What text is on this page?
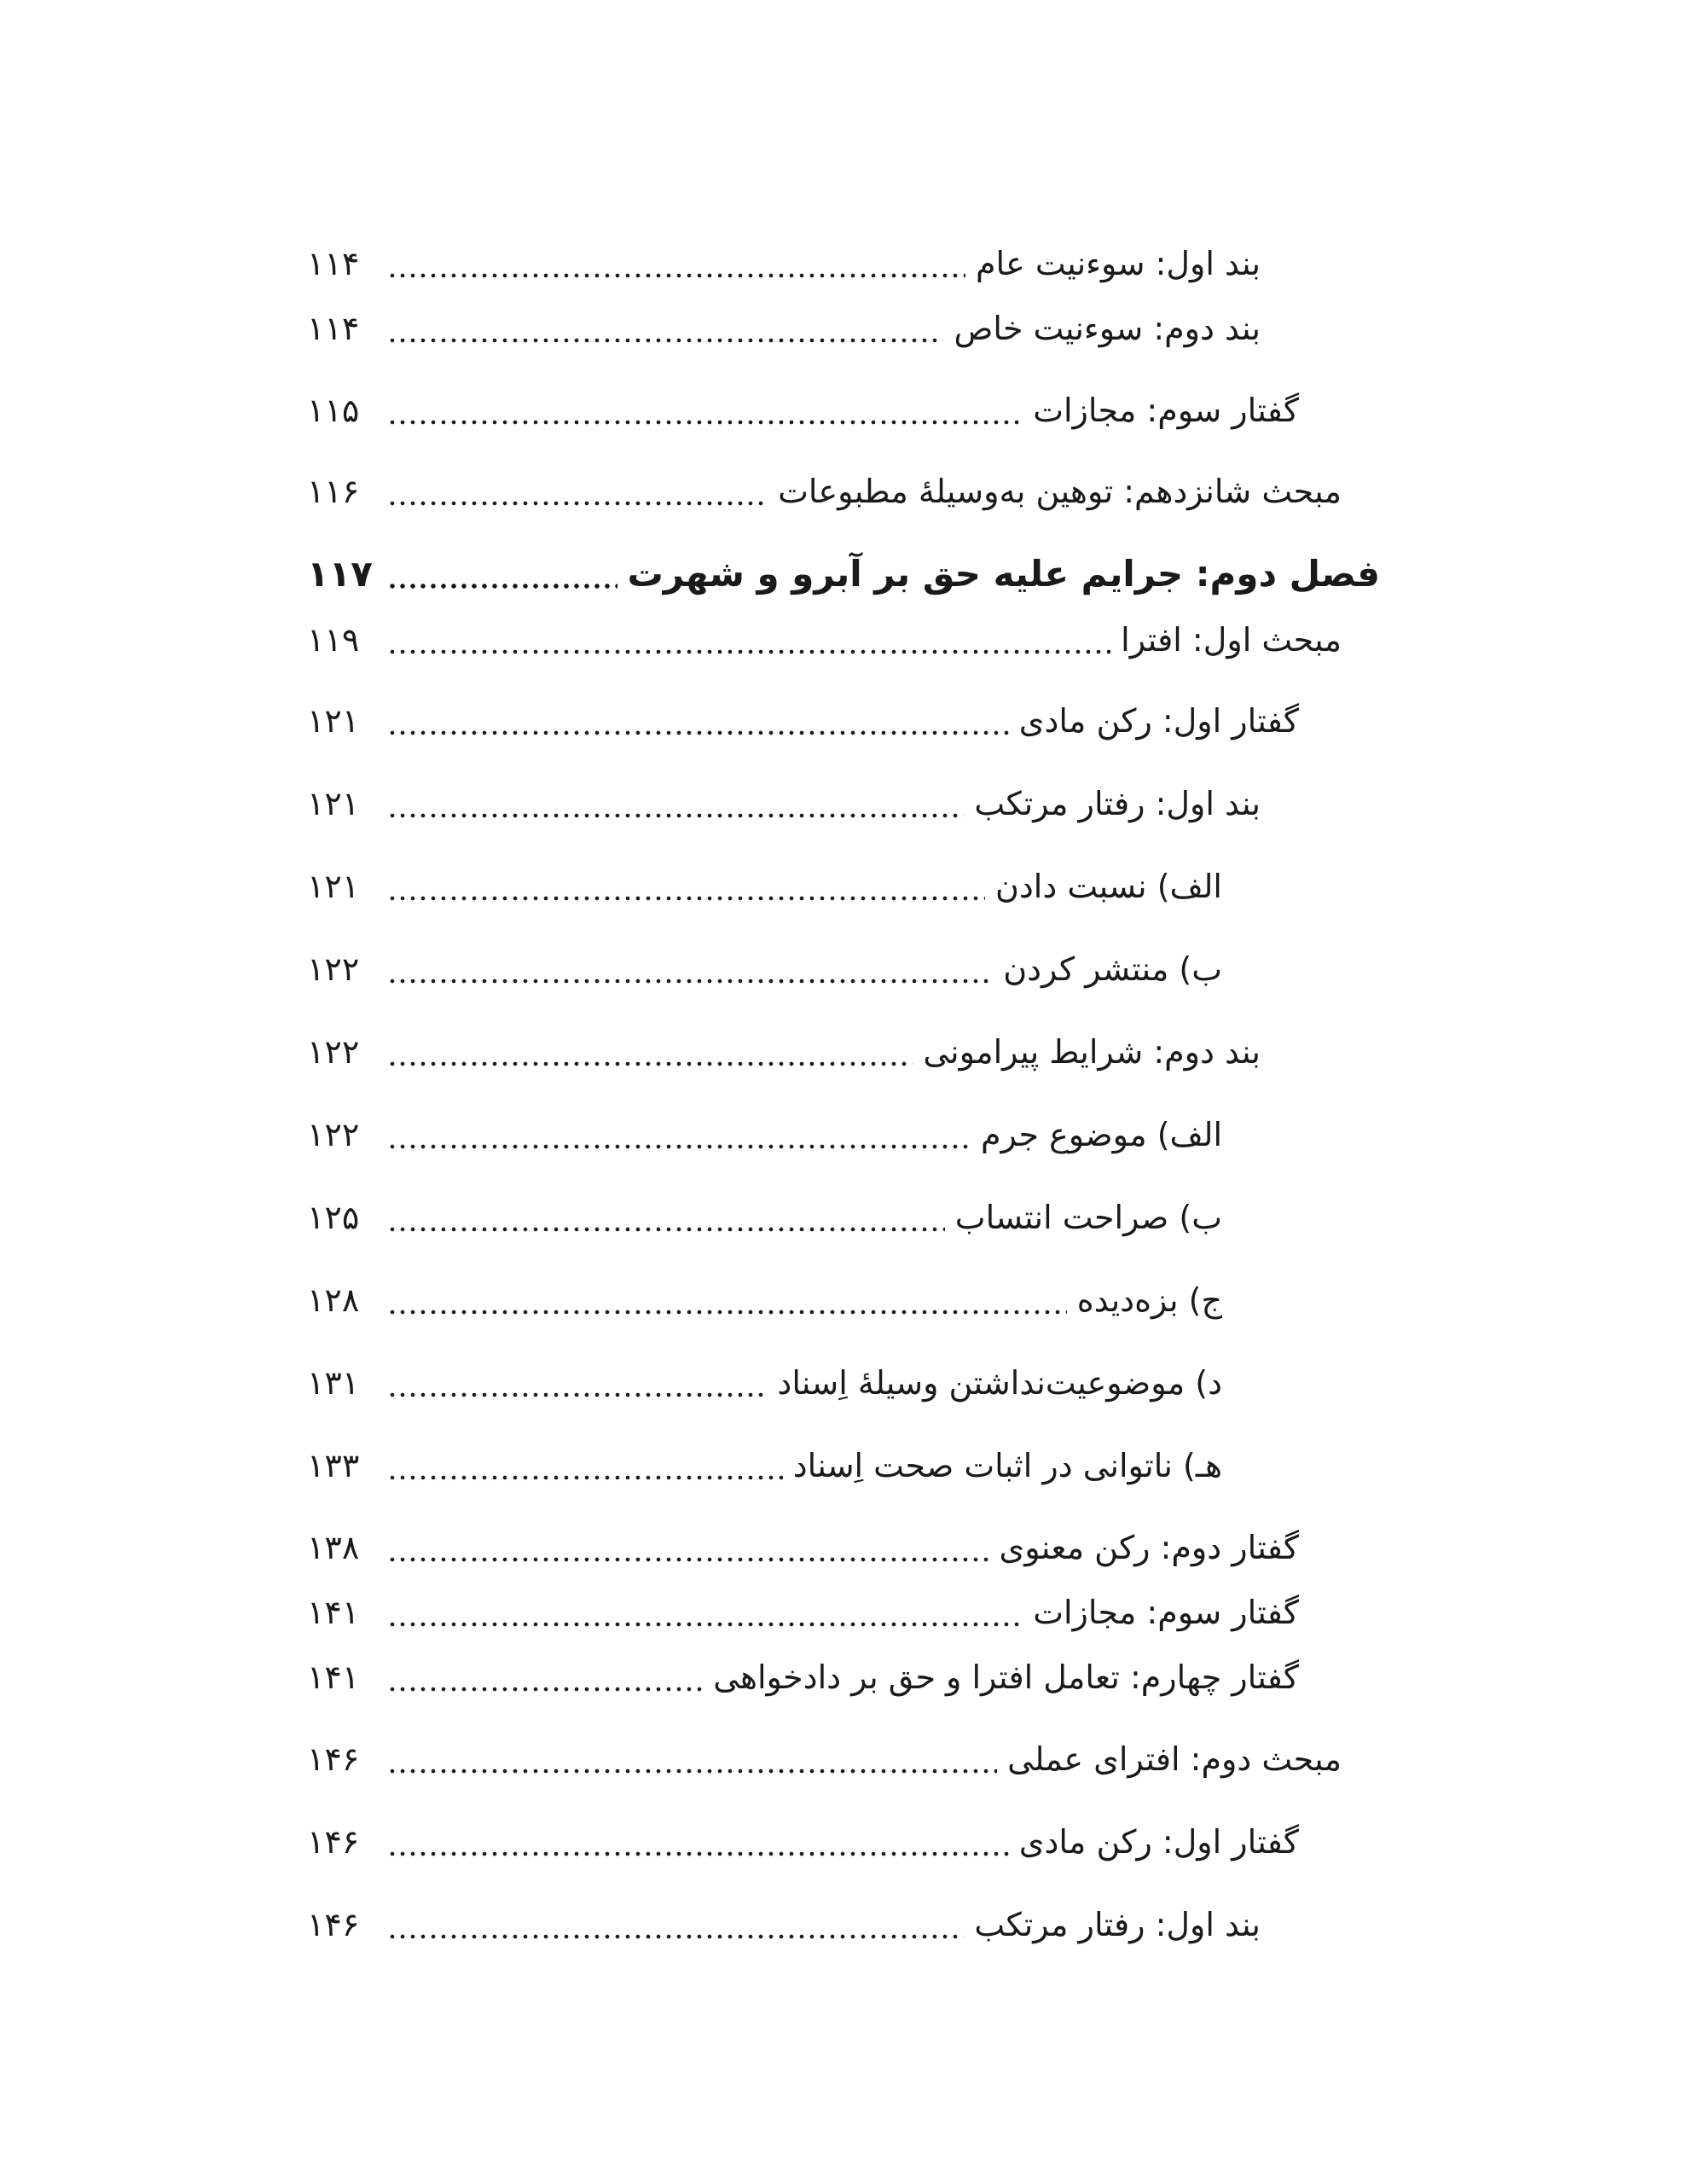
۱۱۴	بند اول: سوءنیت عام
۱۱۴	بند دوم: سوءنیت خاص
۱۱۵	گفتار سوم: مجازات
۱۱۶	مبحث شانزدهم: توهین به‌وسیلۀ مطبوعات
۱۱۷	فصل دوم: جرایم علیه حق بر آبرو و شهرت
۱۱۹	مبحث اول: افترا
۱۲۱	گفتار اول: رکن مادی
۱۲۱	بند اول: رفتار مرتکب
۱۲۱	الف) نسبت دادن
۱۲۲	ب) منتشر کردن
۱۲۲	بند دوم: شرایط پیرامونی
۱۲۲	الف) موضوع جرم
۱۲۵	ب) صراحت انتساب
۱۲۸	ج) بزه‌دیده
۱۳۱	د) موضوعیت‌نداشتن وسیلۀ اِسناد
۱۳۳	هـ) ناتوانی در اثبات صحت اِسناد
۱۳۸	گفتار دوم: رکن معنوی
۱۴۱	گفتار سوم: مجازات
۱۴۱	گفتار چهارم: تعامل افترا و حق بر دادخواهی
۱۴۶	مبحث دوم: افترای عملی
۱۴۶	گفتار اول: رکن مادی
۱۴۶	بند اول: رفتار مرتکب
